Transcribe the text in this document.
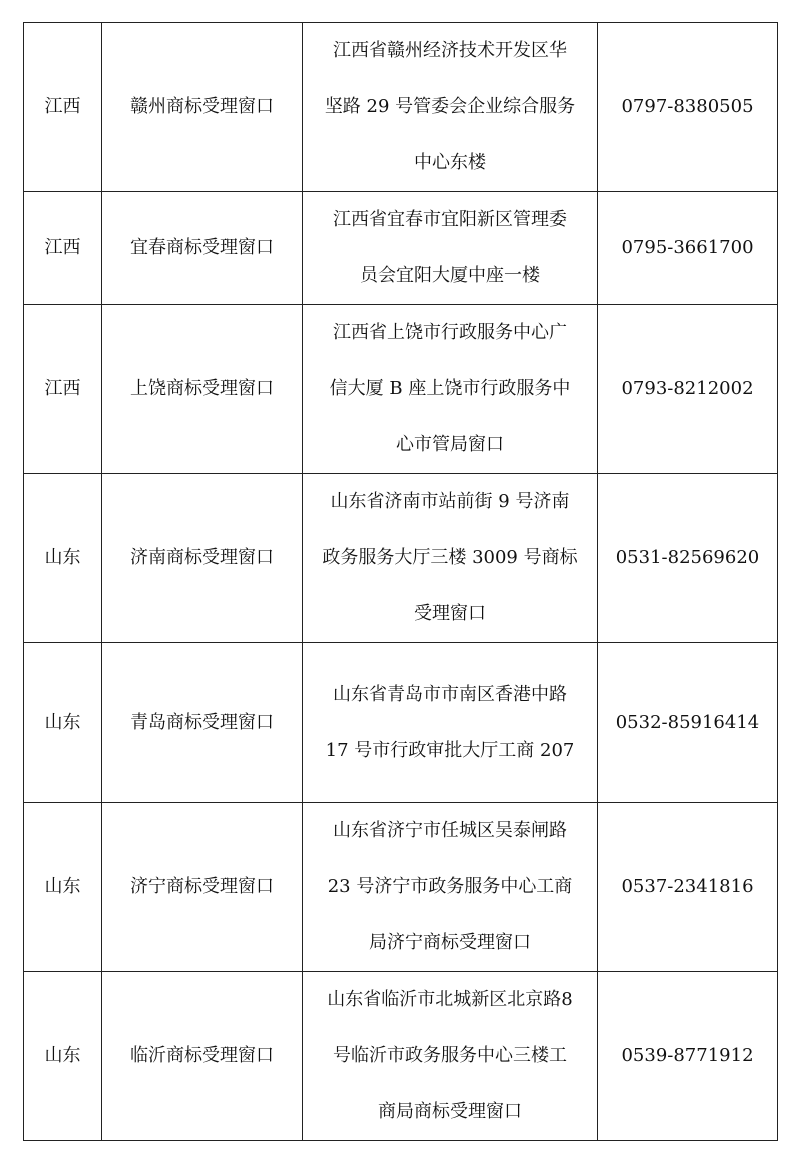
江西	赣州商标受理窗口	江西省赣州经济技术开发区华
坚路 29 号管委会企业综合服务
中心东楼	0797-8380505
江西	宜春商标受理窗口	江西省宜春市宜阳新区管理委
员会宜阳大厦中座一楼	0795-3661700
江西	上饶商标受理窗口	江西省上饶市行政服务中心广
信大厦 B 座上饶市行政服务中
心市管局窗口	0793-8212002
山东	济南商标受理窗口	山东省济南市站前街 9 号济南
政务服务大厅三楼 3009 号商标
受理窗口	0531-82569620
山东	青岛商标受理窗口	山东省青岛市市南区香港中路
17 号市行政审批大厅工商 207	0532-85916414
山东	济宁商标受理窗口	山东省济宁市任城区吴泰闸路
23 号济宁市政务服务中心工商
局济宁商标受理窗口	0537-2341816
山东	临沂商标受理窗口	山东省临沂市北城新区北京路8
号临沂市政务服务中心三楼工
商局商标受理窗口	0539-8771912
